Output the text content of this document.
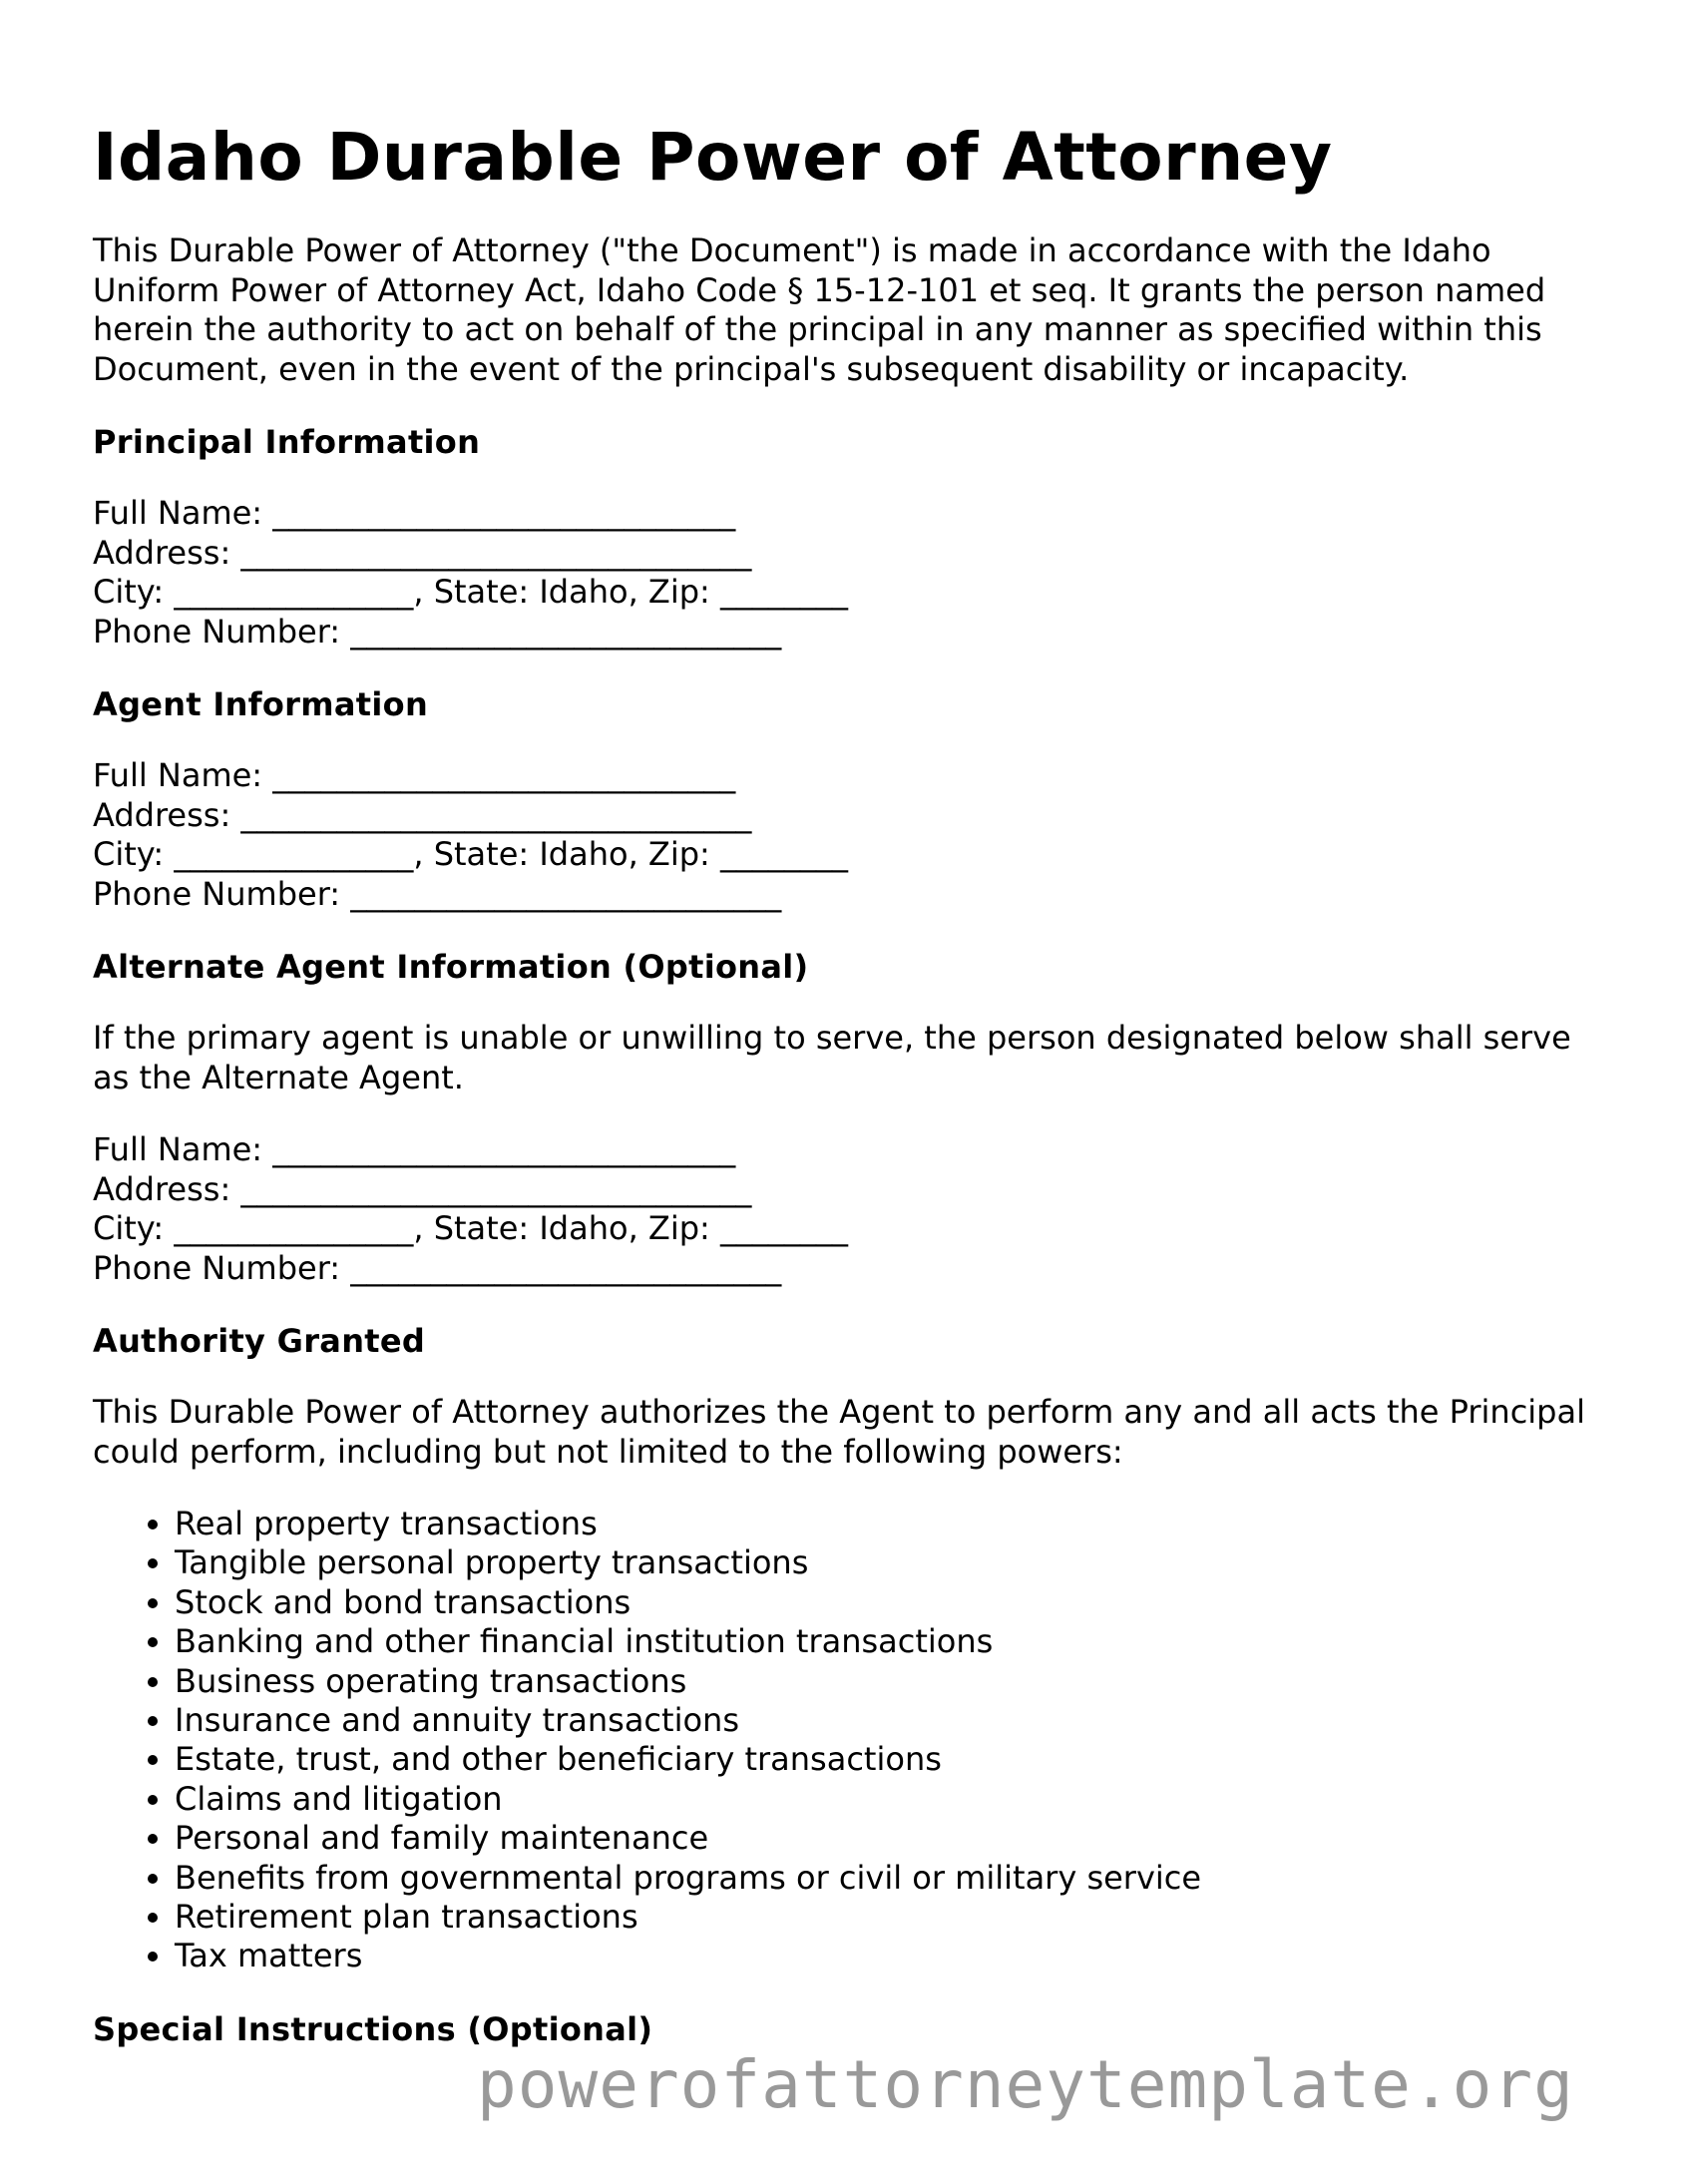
Idaho Durable Power of Attorney

This Durable Power of Attorney ("the Document") is made in accordance with the Idaho Uniform Power of Attorney Act, Idaho Code § 15-12-101 et seq. It grants the person named herein the authority to act on behalf of the principal in any manner as specified within this Document, even in the event of the principal's subsequent disability or incapacity.

Principal Information
Full Name: _____________________________
Address: ________________________________
City: _______________, State: Idaho, Zip: ________
Phone Number: ___________________________
Agent Information
Full Name: _____________________________
Address: ________________________________
City: _______________, State: Idaho, Zip: ________
Phone Number: ___________________________
Alternate Agent Information (Optional)

If the primary agent is unable or unwilling to serve, the person designated below shall serve as the Alternate Agent.

Full Name: _____________________________
Address: ________________________________
City: _______________, State: Idaho, Zip: ________
Phone Number: ___________________________
Authority Granted

This Durable Power of Attorney authorizes the Agent to perform any and all acts the Principal could perform, including but not limited to the following powers:

• Real property transactions
• Tangible personal property transactions
• Stock and bond transactions
• Banking and other financial institution transactions
• Business operating transactions
• Insurance and annuity transactions
• Estate, trust, and other beneficiary transactions
• Claims and litigation
• Personal and family maintenance
• Benefits from governmental programs or civil or military service
• Retirement plan transactions
• Tax matters
Special Instructions (Optional)
powerofattorneytemplate.org
